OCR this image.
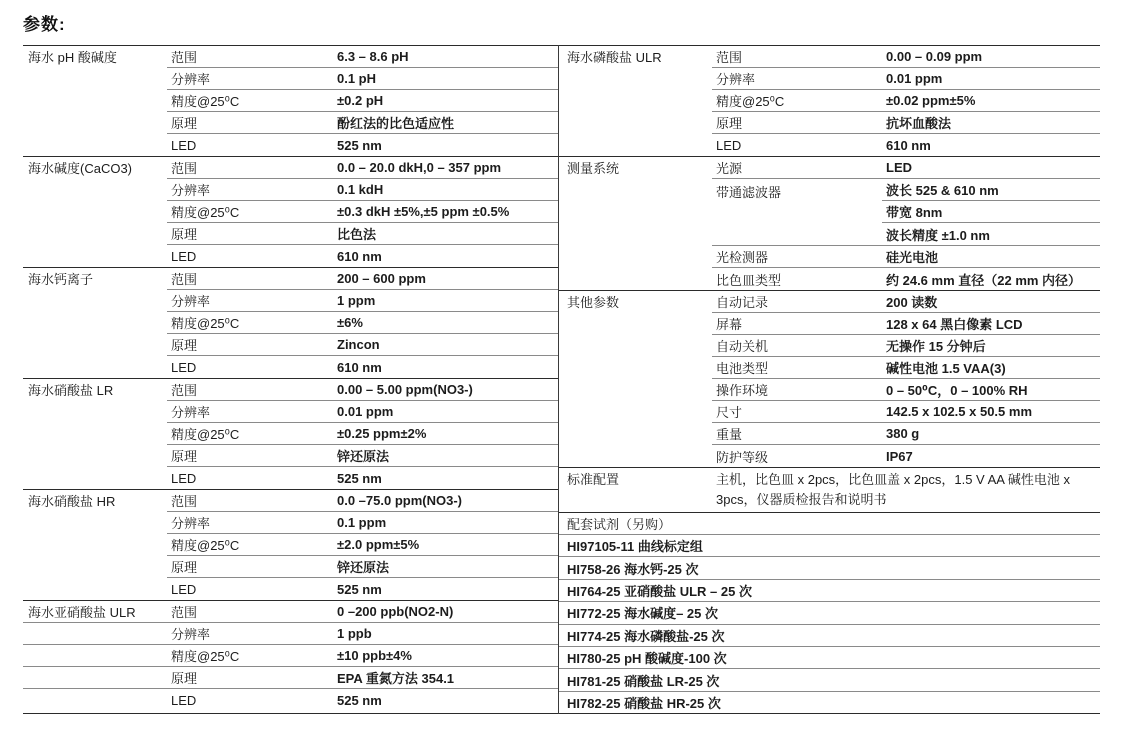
参数:
海水 pH 酸碱度	范围	6.3 – 8.6 pH
分辨率	0.1 pH
精度@25⁰C	±0.2 pH
原理	酚红法的比色适应性
LED	525 nm
海水碱度(CaCO3)	范围	0.0 – 20.0 dkH,0 – 357 ppm
分辨率	0.1 kdH
精度@25⁰C	±0.3 dkH ±5%,±5 ppm ±0.5%
原理	比色法
LED	610 nm
海水钙离子	范围	200 – 600 ppm
分辨率	1 ppm
精度@25⁰C	±6%
原理	Zincon
LED	610 nm
海水硝酸盐 LR	范围	0.00 – 5.00 ppm(NO3-)
分辨率	0.01 ppm
精度@25⁰C	±0.25 ppm±2%
原理	锌还原法
LED	525 nm
海水硝酸盐 HR	范围	0.0 –75.0 ppm(NO3-)
分辨率	0.1 ppm
精度@25⁰C	±2.0 ppm±5%
原理	锌还原法
LED	525 nm
海水亚硝酸盐 ULR	范围	0 –200 ppb(NO2-N)
分辨率	1 ppb
精度@25⁰C	±10 ppb±4%
原理	EPA 重氮方法 354.1
LED	525 nm
海水磷酸盐 ULR	范围	0.00 – 0.09 ppm
分辨率	0.01 ppm
精度@25⁰C	±0.02 ppm±5%
原理	抗坏血酸法
LED	610 nm
测量系统	光源	LED
带通滤波器	波长 525 & 610 nm
带宽 8nm
波长精度 ±1.0 nm
光检测器	硅光电池
比色皿类型	约 24.6 mm 直径（22 mm 内径）
其他参数	自动记录	200 读数
屏幕	128 x 64 黑白像素 LCD
自动关机	无操作 15 分钟后
电池类型	碱性电池 1.5 VAA(3)
操作环境	0 – 50⁰C，0 – 100% RH
尺寸	142.5 x 102.5 x 50.5 mm
重量	380 g
防护等级	IP67
标准配置	主机，比色皿 x 2pcs，比色皿盖 x 2pcs，1.5 V AA 碱性电池 x 3pcs，仪器质检报告和说明书
配套试剂（另购）
HI97105-11 曲线标定组
HI758-26 海水钙-25 次
HI764-25 亚硝酸盐 ULR – 25 次
HI772-25 海水碱度– 25 次
HI774-25 海水磷酸盐-25 次
HI780-25 pH 酸碱度-100 次
HI781-25 硝酸盐 LR-25 次
HI782-25 硝酸盐 HR-25 次
